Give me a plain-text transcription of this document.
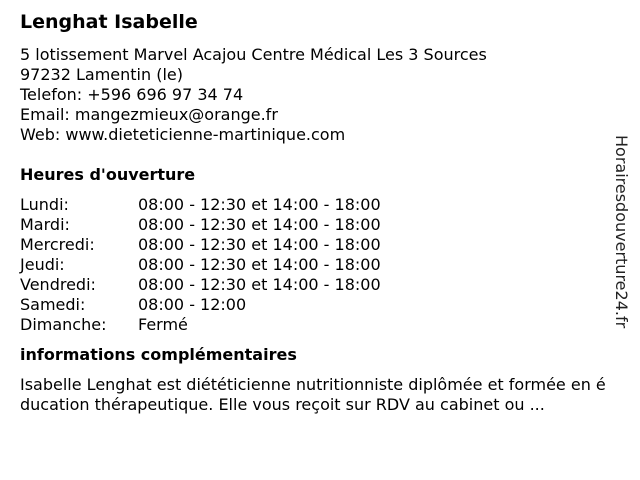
Lenghat Isabelle
5 lotissement Marvel Acajou Centre Médical Les 3 Sources
97232 Lamentin (le)
Telefon: +596 696 97 34 74
Email: mangezmieux@orange.fr
Web: www.dieteticienne-martinique.com
Heures d'ouverture
Lundi:	08:00 - 12:30 et 14:00 - 18:00
Mardi:	08:00 - 12:30 et 14:00 - 18:00
Mercredi:	08:00 - 12:30 et 14:00 - 18:00
Jeudi:	08:00 - 12:30 et 14:00 - 18:00
Vendredi:	08:00 - 12:30 et 14:00 - 18:00
Samedi:	08:00 - 12:00
Dimanche: Fermé
informations complémentaires
Isabelle Lenghat est diététicienne nutritionniste diplômée et formée en éducation thérapeutique. Elle vous reçoit sur RDV au cabinet ou ...
Horairesdouverture24.fr
